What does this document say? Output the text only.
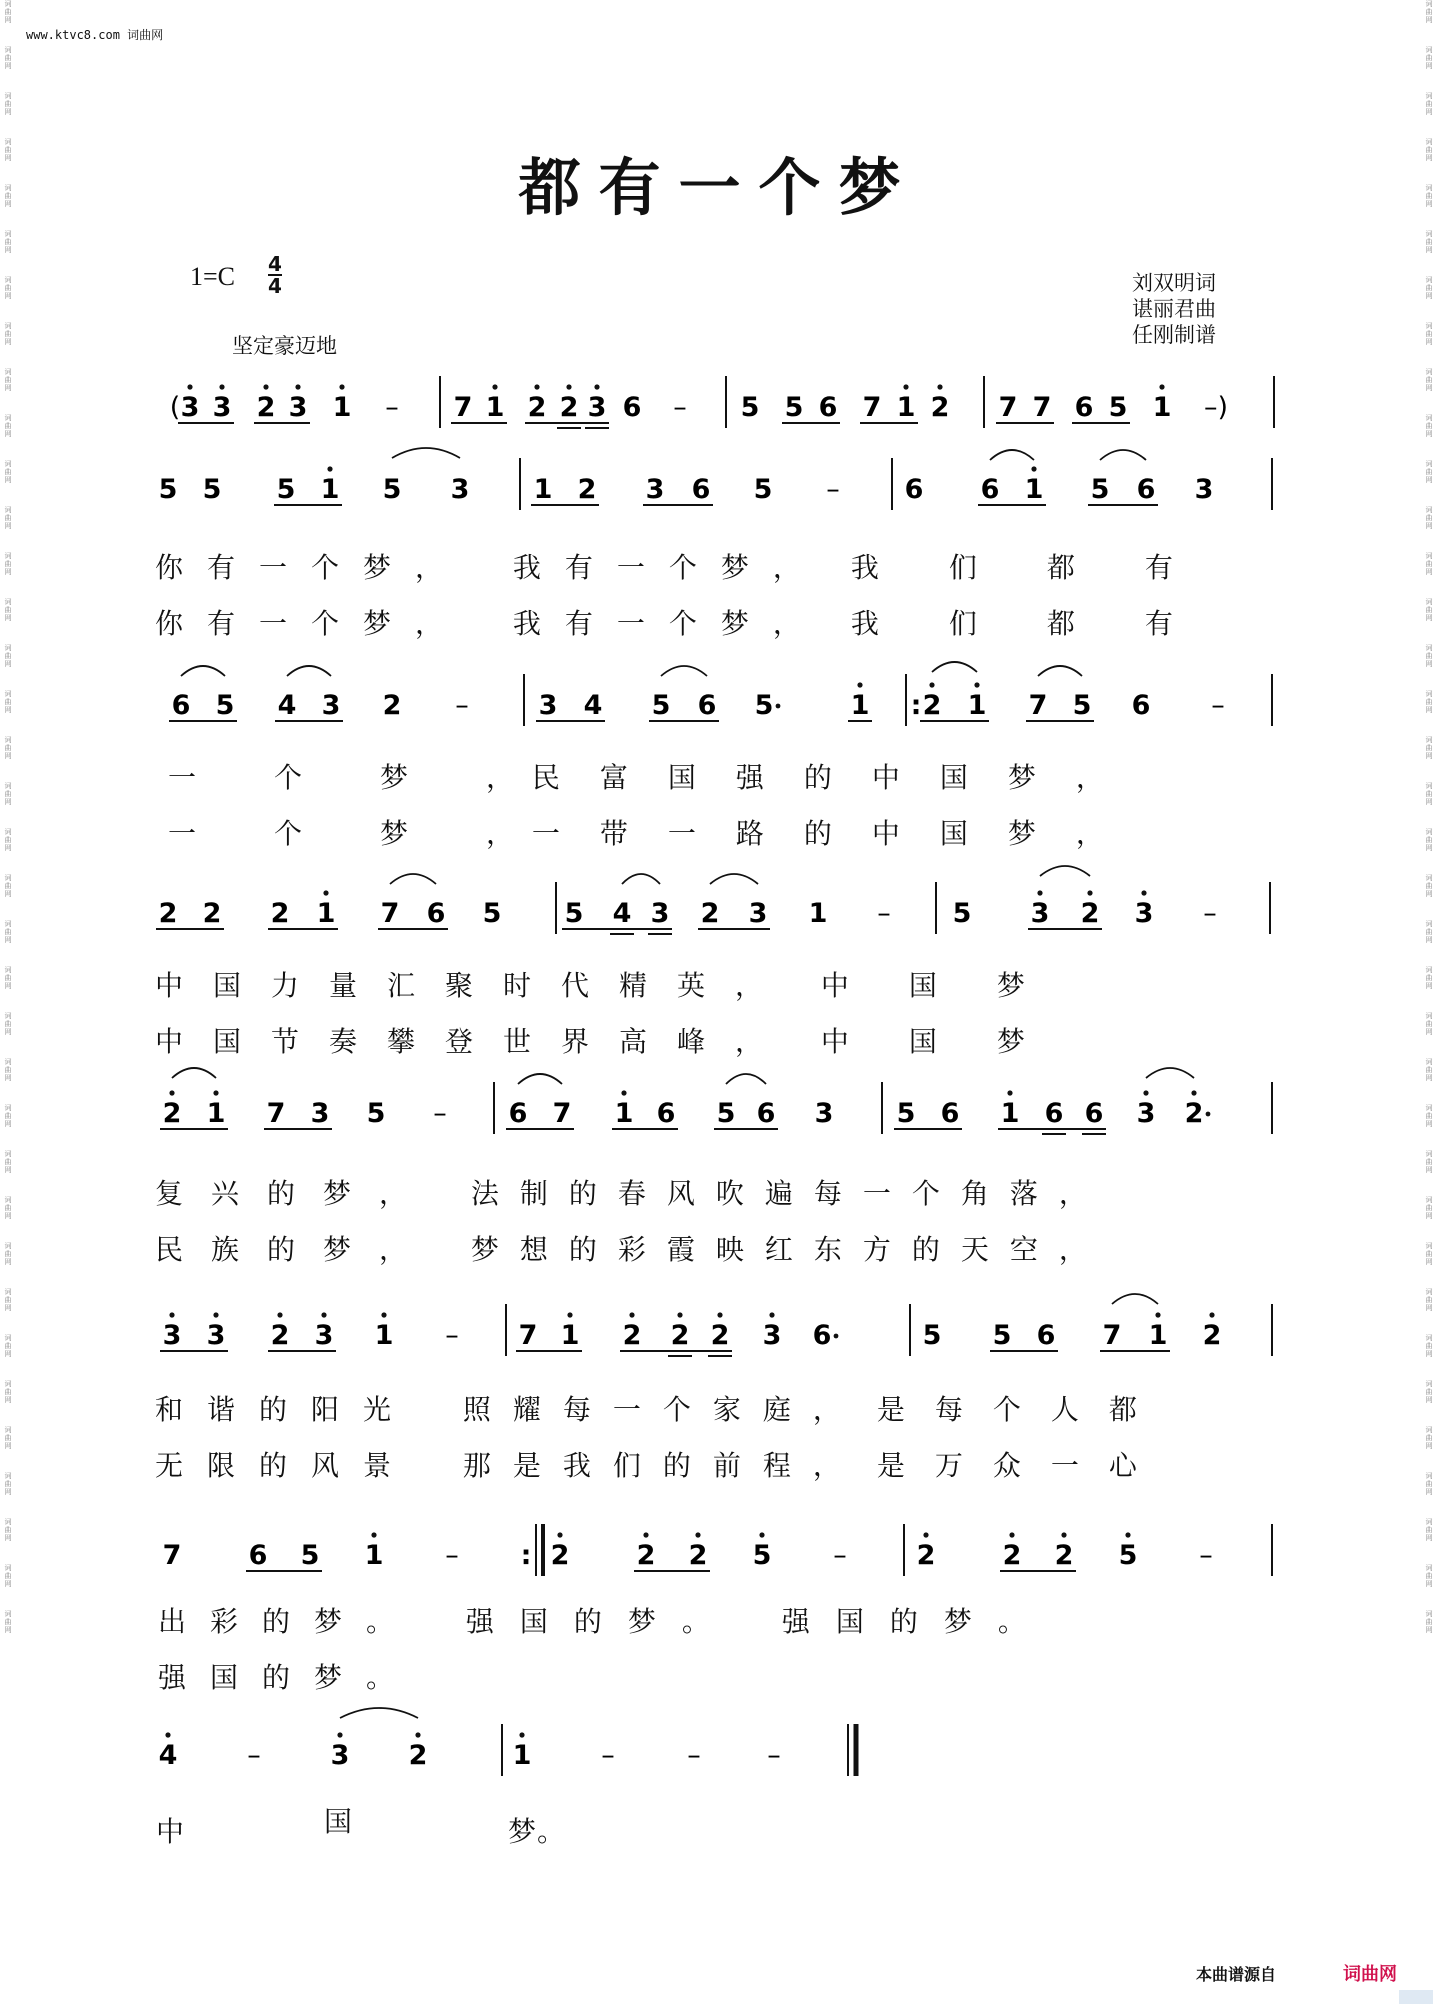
www.ktvc8.com 词曲网
都有一个梦
1=C 4
4
坚定豪迈地
刘双明词
谌丽君曲
任刚制谱
( 3 3 2 3 1 – 7 1 2 2 3 6 – 5 5 6 7 1 2 7 7 6 5 1 –)
5 5 5 1 5 3 1 2 3 6 5 – 6 6 1 5 6 3
6 5 4 3 2 –	3 4 5 6 5	1 : 2 1 7 5 6 –
2 2 2 1 7 6 5 5 4 3 2 3 1 – 5 3 2 3 –
2 1 7 3 5 – 6 7 1 6 5 6 3 5 6 1 6 6 3 2
3 3 2 3 1 – 7 1 2 2 2 3 6	5 5 6 7 1 2
7 6 5 1 – : 2 2 2 5 –	2 2 2 5 –
4	–	3 2	1	–	– –
你有一个梦， 我有一个梦， 我们都有
你有一个梦， 我有一个梦， 我们都有
一个梦， 民富国强的中国梦，
一个梦， 一带一路的中国梦，
中国力量汇聚时代精英， 中国梦
中国节奏攀登世界高峰， 中国梦
复兴的梦， 法制的春风吹遍每一个角落，
民族的梦， 梦想的彩霞映红东方的天空，
和谐的阳光 照耀每一个家庭， 是每个人都
无限的风景 那是我们的前程， 是万众一心
出彩的梦。 强国的梦。 强国的梦。
强国的梦。
中	国	梦。
词
曲
网
词
曲
网
词
曲
网
词
曲
网
词
曲
网
词
曲
网
词
曲
网
词
曲
网
词
曲
网
词
曲
网
词
曲
网
词
曲
网
词
曲
网
词
曲
网
词
曲
网
词
曲
网
词
曲
网
词
曲
网
词
曲
网
词
曲
网
词
曲
网
词
曲
网
词
曲
网
词
曲
网
词
曲
网
词
曲
网
词
曲
网
词
曲
网
词
曲
网
词
曲
网
词
曲
网
词
曲
网
词
曲
网
词
曲
网
词
曲
网
词
曲
网
词
曲
网
词
曲
网
词
曲
网
词
曲
网
词
曲
网
词
曲
网
词
曲
网
词
曲
网
词
曲
网
词
曲
网
词
曲
网
词
曲
网
词
曲
网
词
曲
网
词
曲
网
词
曲
网
词
曲
网
词
曲
网
词
曲
网
词
曲
网
词
曲
网
词
曲
网
词
曲
网
词
曲
网
词
曲
网
词
曲
网
词
曲
网
词
曲
网
词
曲
网
词
曲
网
词
曲
网
词
曲
网
词
曲
网
词
曲
网
词
曲
网
词
曲
网
本曲谱源自	词曲网
